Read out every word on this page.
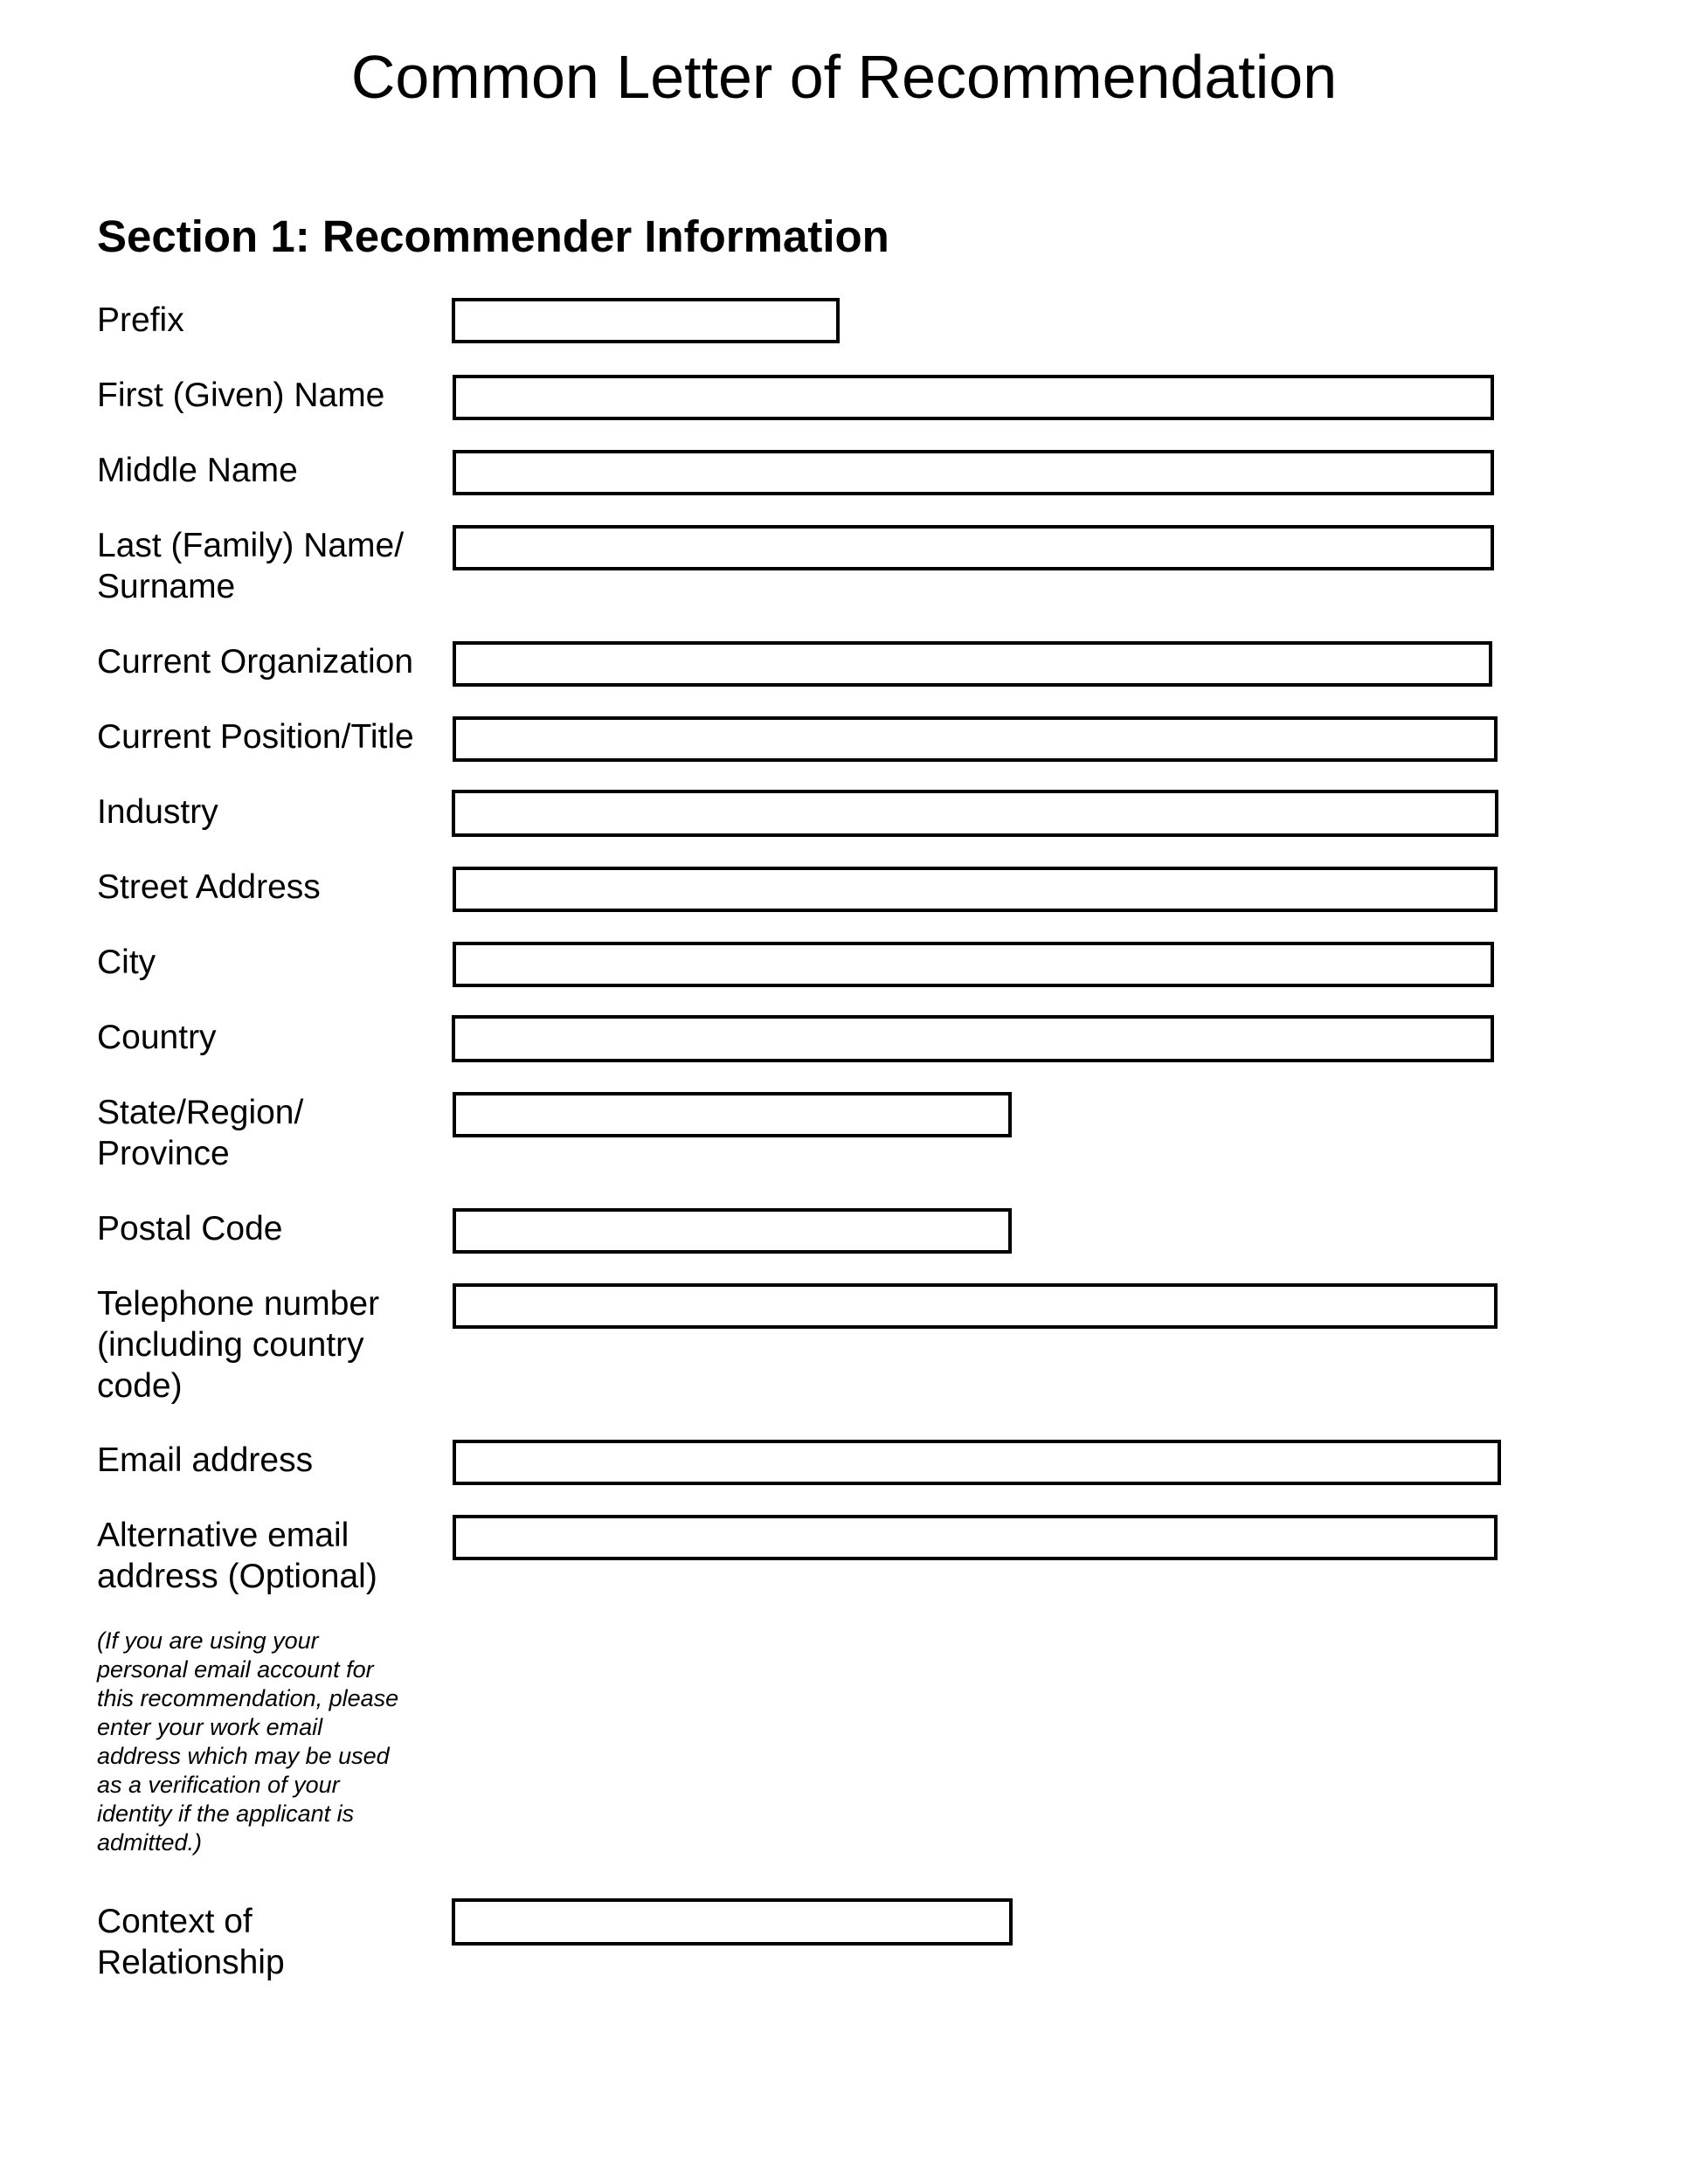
Common Letter of Recommendation
Section 1: Recommender Information
Prefix
First (Given) Name
Middle Name
Last (Family) Name/ Surname
Current Organization
Current Position/Title
Industry
Street Address
City
Country
State/Region/ Province
Postal Code
Telephone number (including country code)
Email address
Alternative email address (Optional)
(If you are using your personal email account for this recommendation, please enter your work email address which may be used as a verification of your identity if the applicant is admitted.)
Context of Relationship
